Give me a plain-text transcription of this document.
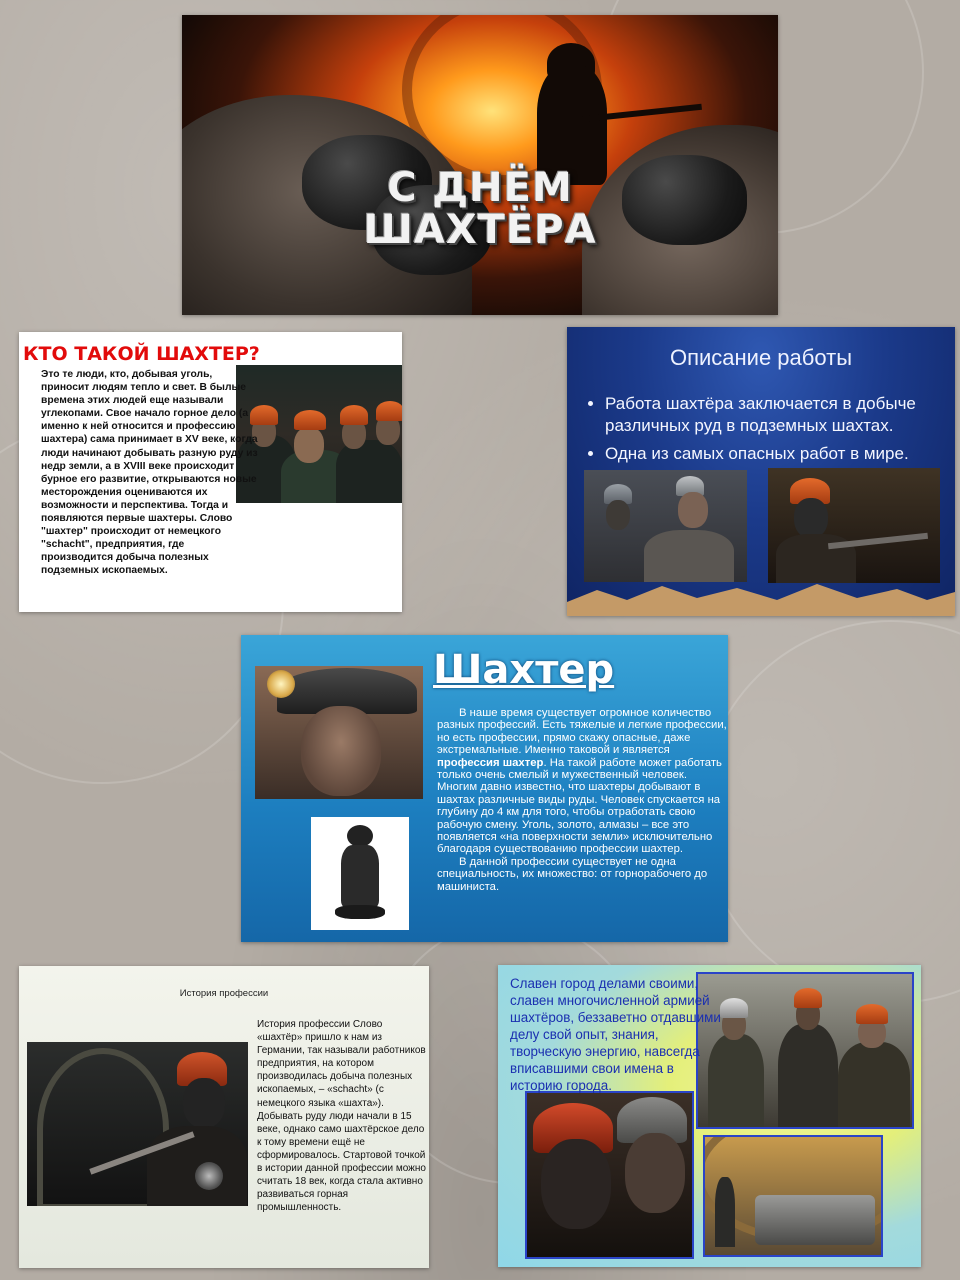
С ДНЁМ
ШАХТЁРА
КТО ТАКОЙ ШАХТЕР?
Это те люди, кто, добывая уголь, приносит людям тепло и свет. В былые времена этих людей еще называли углекопами. Свое начало горное дело (а именно к ней относится и профессию шахтера) сама принимает в XV веке, когда люди начинают добывать разную руду из недр земли, а в XVIII веке происходит бурное его развитие, открываются новые месторождения оцениваются их возможности и перспектива. Тогда и появляются первые шахтеры. Слово "шахтер" происходит от немецкого "schacht", предприятия, где производится добыча полезных подземных ископаемых.
Описание работы
• Работа шахтёра заключается в добыче различных руд в подземных шахтах.
• Одна из самых опасных работ в мире.
Шахтер

В наше время существует огромное количество разных профессий. Есть тяжелые и легкие профессии, но есть профессии, прямо скажу опасные, даже экстремальные. Именно таковой и является профессия шахтер. На такой работе может работать только очень смелый и мужественный человек. Многим давно известно, что шахтеры добывают в шахтах различные виды руды. Человек спускается на глубину до 4 км для того, чтобы отработать свою рабочую смену. Уголь, золото, алмазы – все это появляется «на поверхности земли» исключительно благодаря существованию профессии шахтер.

В данной профессии существует не одна специальность, их множество: от горнорабочего до машиниста.

История профессии
История профессии Слово «шахтёр» пришло к нам из Германии, так называли работников предприятия, на котором производилась добыча полезных ископаемых, – «schacht» (с немецкого языка «шахта»). Добывать руду люди начали в 15 веке, однако само шахтёрское дело к тому времени ещё не сформировалось. Стартовой точкой в истории данной профессии можно считать 18 век, когда стала активно развиваться горная промышленность.
Славен город делами своими, славен многочисленной армией шахтёров, беззаветно отдавшими делу свой опыт, знания, творческую энергию, навсегда вписавшими свои имена в историю города.
